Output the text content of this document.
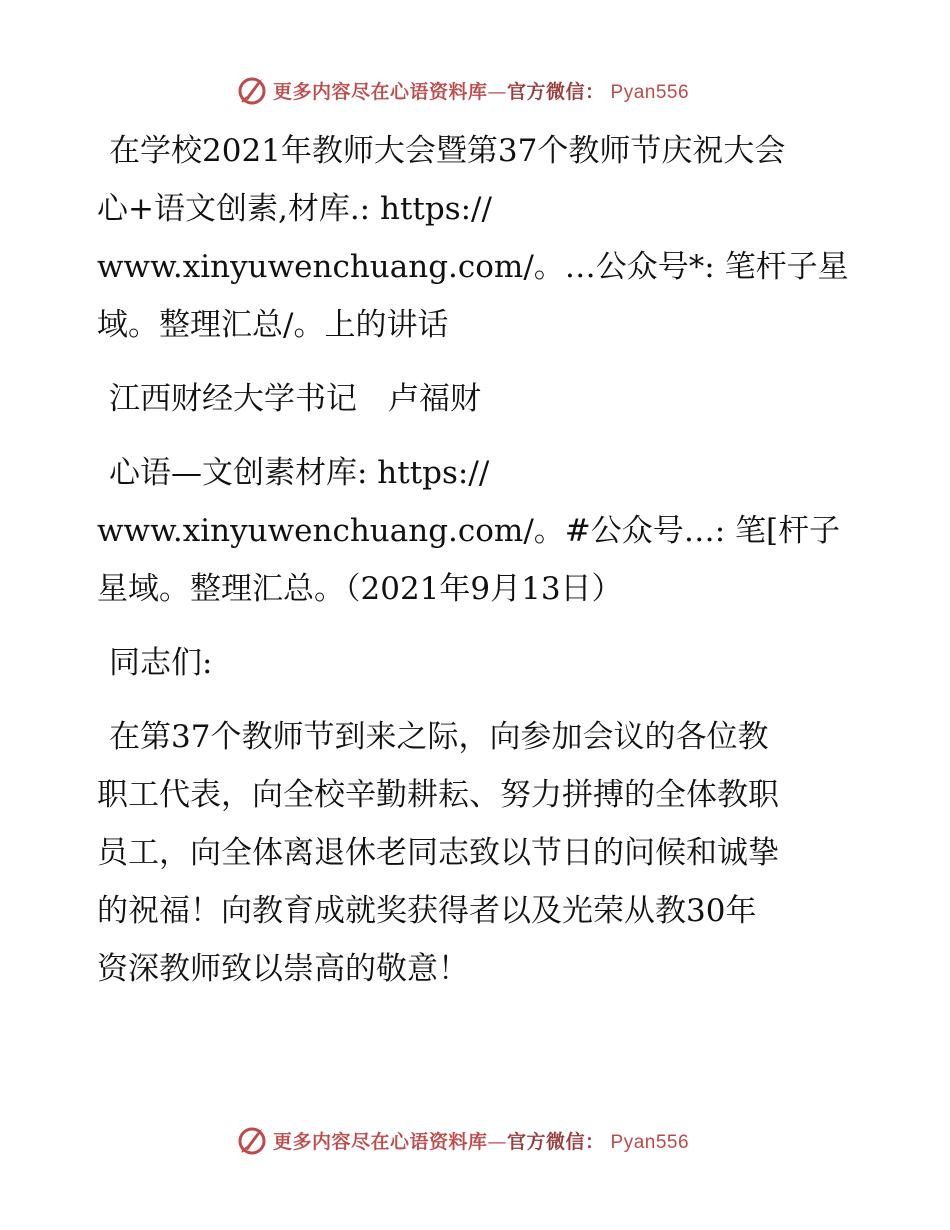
更多内容尽在心语资料库—官方微信： Pyan556
在学校2021年教师大会暨第37个教师节庆祝大会
心+语文创素,材库.: https://
www.xinyuwenchuang.com/。…公众号*: 笔杆子星
域。整理汇总/。上的讲话
江西财经大学书记　卢福财
心语—文创素材库: https://
www.xinyuwenchuang.com/。#公众号…: 笔[杆子
星域。整理汇总。（2021年9月13日）
同志们:
在第37个教师节到来之际，向参加会议的各位教
职工代表，向全校辛勤耕耘、努力拼搏的全体教职
员工，向全体离退休老同志致以节日的问候和诚挚
的祝福！向教育成就奖获得者以及光荣从教30年
资深教师致以崇高的敬意！
更多内容尽在心语资料库—官方微信： Pyan556
